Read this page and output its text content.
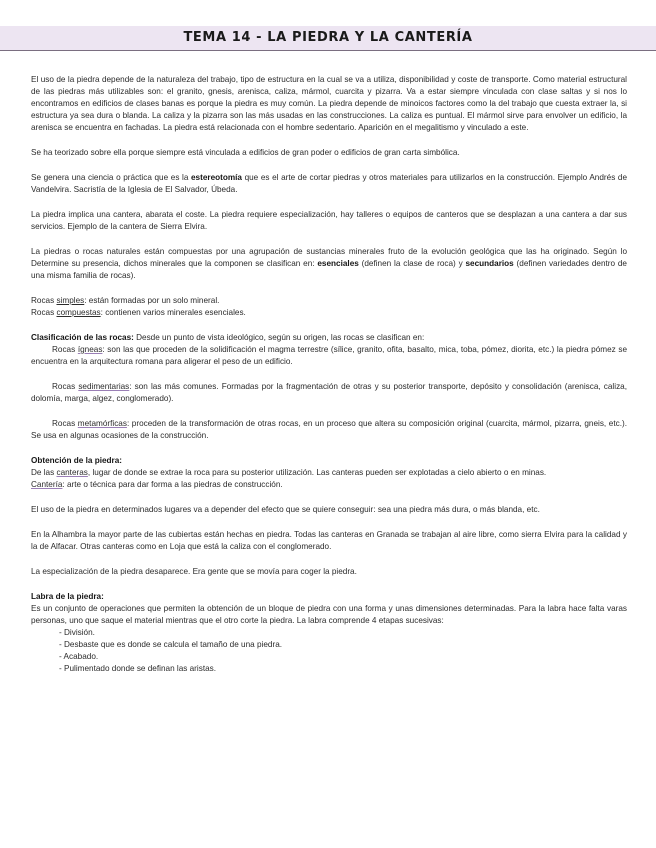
TEMA 14 - LA PIEDRA Y LA CANTERÍA

El uso de la piedra depende de la naturaleza del trabajo, tipo de estructura en la cual se va a utiliza, disponibilidad y coste de transporte. Como material estructural de las piedras más utilizables son: el granito, gnesis, arenisca, caliza, mármol, cuarcita y pizarra. Va a estar siempre vinculada con clase saltas y si nos lo encontramos en edificios de clases banas es porque la piedra es muy común. La piedra depende de minoicos factores como la del trabajo que cuesta extraer la, si estructura ya sea dura o blanda. La caliza y la pizarra son las más usadas en las construcciones. La caliza es puntual. El mármol sirve para envolver un edificio, la arenisca se encuentra en fachadas. La piedra está relacionada con el hombre sedentario. Aparición en el megalitismo y vinculado a este.

Se ha teorizado sobre ella porque siempre está vinculada a edificios de gran poder o edificios de gran carta simbólica.

Se genera una ciencia o práctica que es la estereotomía que es el arte de cortar piedras y otros materiales para utilizarlos en la construcción. Ejemplo Andrés de Vandelvira. Sacristía de la Iglesia de El Salvador, Úbeda.

La piedra implica una cantera, abarata el coste. La piedra requiere especialización, hay talleres o equipos de canteros que se desplazan a una cantera a dar sus servicios. Ejemplo de la cantera de Sierra Elvira.

La piedras o rocas naturales están compuestas por una agrupación de sustancias minerales fruto de la evolución geológica que las ha originado. Según lo Determine su presencia, dichos minerales que la componen se clasifican en: esenciales (definen la clase de roca) y secundarios (definen variedades dentro de una misma familia de rocas).

Rocas simples: están formadas por un solo mineral.
Rocas compuestas: contienen varios minerales esenciales.

Clasificación de las rocas: Desde un punto de vista ideológico, según su origen, las rocas se clasifican en:
Rocas ígneas: son las que proceden de la solidificación el magma terrestre (sílice, granito, ofita, basalto, mica, toba, pómez, diorita, etc.) la piedra pómez se encuentra en la arquitectura romana para aligerar el peso de un edificio.

Rocas sedimentarias: son las más comunes. Formadas por la fragmentación de otras y su posterior transporte, depósito y consolidación (arenisca, caliza, dolomía, marga, algez, conglomerado).

Rocas metamórficas: proceden de la transformación de otras rocas, en un proceso que altera su composición original (cuarcita, mármol, pizarra, gneis, etc.). Se usa en algunas ocasiones de la construcción.

Obtención de la piedra:
De las canteras, lugar de donde se extrae la roca para su posterior utilización. Las canteras pueden ser explotadas a cielo abierto o en minas.
Cantería: arte o técnica para dar forma a las piedras de construcción.

El uso de la piedra en determinados lugares va a depender del efecto que se quiere conseguir: sea una piedra más dura, o más blanda, etc.

En la Alhambra la mayor parte de las cubiertas están hechas en piedra. Todas las canteras en Granada se trabajan al aire libre, como sierra Elvira para la calidad y la de Alfacar. Otras canteras como en Loja que está la caliza con el conglomerado.

La especialización de la piedra desaparece. Era gente que se movía para coger la piedra.

Labra de la piedra:
Es un conjunto de operaciones que permiten la obtención de un bloque de piedra con una forma y unas dimensiones determinadas. Para la labra hace falta varas personas, uno que saque el material mientras que el otro corte la piedra. La labra comprende 4 etapas sucesivas:

- División.
- Desbaste que es donde se calcula el tamaño de una piedra.
- Acabado.
- Pulimentado donde se definan las aristas.
